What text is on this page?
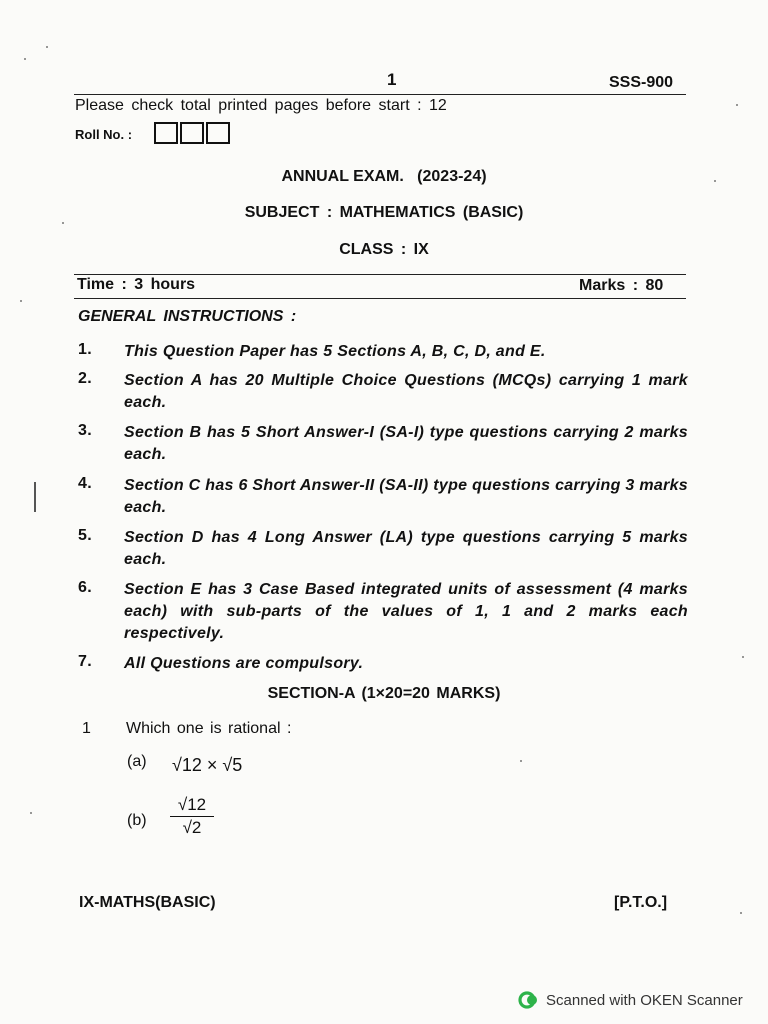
1	SSS-900
Please check total printed pages before start : 12
Roll No. :
ANNUAL EXAM.   (2023-24)
SUBJECT : MATHEMATICS (BASIC)
CLASS : IX
Time : 3 hours	Marks : 80
GENERAL INSTRUCTIONS :
1. This Question Paper has 5 Sections A, B, C, D, and E.
2. Section A has 20 Multiple Choice Questions (MCQs) carrying 1 mark each.
3. Section B has 5 Short Answer-I (SA-I) type questions carrying 2 marks each.
4. Section C has 6 Short Answer-II (SA-II) type questions carrying 3 marks each.
5. Section D has 4 Long Answer (LA) type questions carrying 5 marks each.
6. Section E has 3 Case Based integrated units of assessment (4 marks each) with sub-parts of the values of 1, 1 and 2 marks each respectively.
7. All Questions are compulsory.
SECTION-A (1×20=20 MARKS)
1 Which one is rational :
(a) √12 × √5
(b)
√12
√2
IX-MATHS(BASIC)	[P.T.O.]
Scanned with OKEN Scanner
